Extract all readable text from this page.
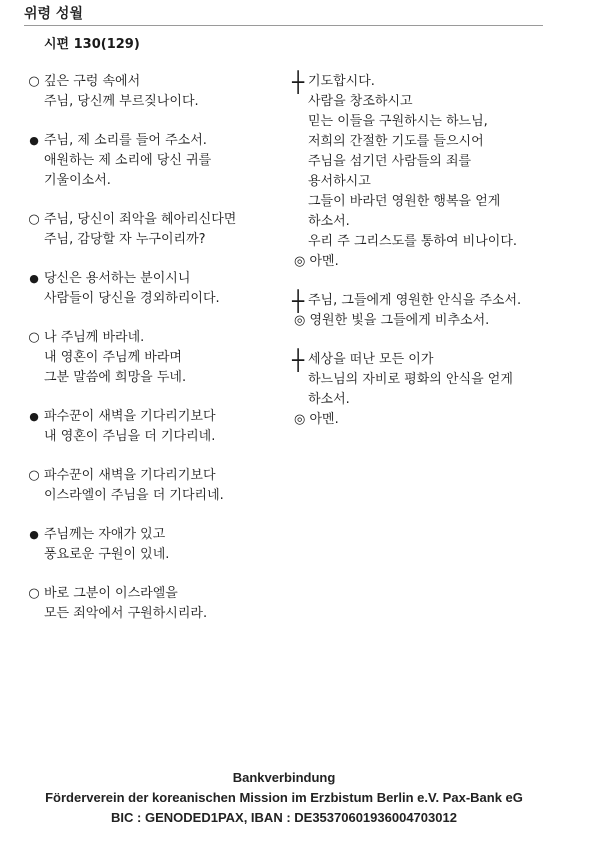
위령 성월
시편 130(129)
○ 깊은 구렁 속에서
주님, 당신께 부르짖나이다.
● 주님, 제 소리를 들어 주소서.
애원하는 제 소리에 당신 귀를
기울이소서.
○ 주님, 당신이 죄악을 헤아리신다면
주님, 감당할 자 누구이리까?
● 당신은 용서하는 분이시니
사람들이 당신을 경외하리이다.
○ 나 주님께 바라네.
내 영혼이 주님께 바라며
그분 말씀에 희망을 두네.
● 파수꾼이 새벽을 기다리기보다
내 영혼이 주님을 더 기다리네.
○ 파수꾼이 새벽을 기다리기보다
이스라엘이 주님을 더 기다리네.
● 주님께는 자애가 있고
풍요로운 구원이 있네.
○ 바로 그분이 이스라엘을
모든 죄악에서 구원하시리라.
┼ 기도합시다.
사람을 창조하시고
믿는 이들을 구원하시는 하느님,
저희의 간절한 기도를 들으시어
주님을 섬기던 사람들의 죄를
용서하시고
그들이 바라던 영원한 행복을 얻게
하소서.
우리 주 그리스도를 통하여 비나이다.
◎ 아멘.
┼ 주님, 그들에게 영원한 안식을 주소서.
◎ 영원한 빛을 그들에게 비추소서.
┼ 세상을 떠난 모든 이가
하느님의 자비로 평화의 안식을 얻게
하소서.
◎ 아멘.
Bankverbindung
Förderverein der koreanischen Mission im Erzbistum Berlin e.V. Pax-Bank eG
BIC : GENODED1PAX, IBAN : DE35370601936004703012
